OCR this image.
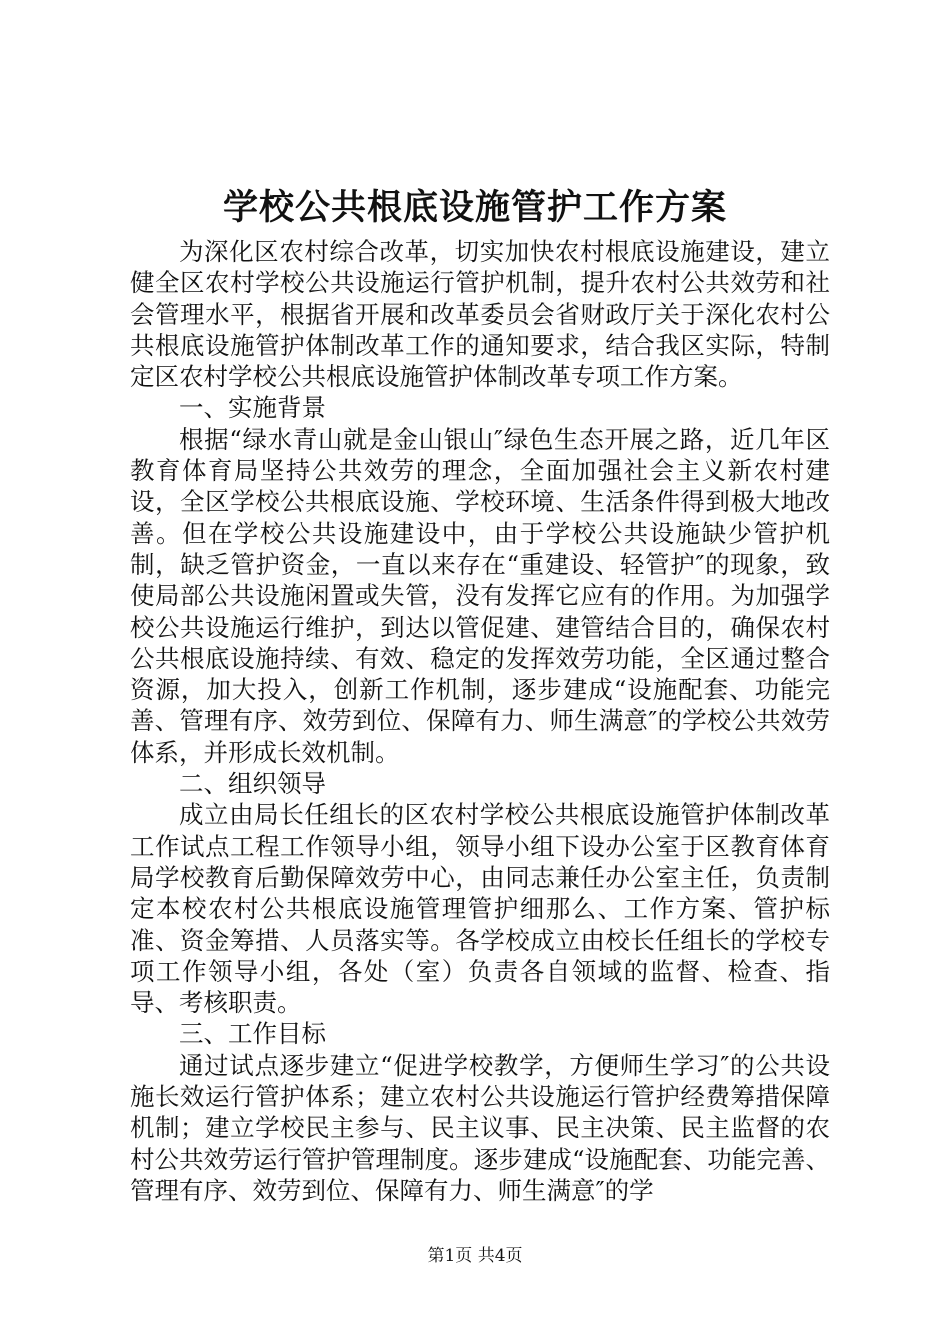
学校公共根底设施管护工作方案

为深化区农村综合改革，切实加快农村根底设施建设，建立健全区农村学校公共设施运行管护机制，提升农村公共效劳和社会管理水平，根据省开展和改革委员会省财政厅关于深化农村公共根底设施管护体制改革工作的通知要求，结合我区实际，特制定区农村学校公共根底设施管护体制改革专项工作方案。

一、实施背景

根据“绿水青山就是金山银山″绿色生态开展之路，近几年区教育体育局坚持公共效劳的理念，全面加强社会主义新农村建设，全区学校公共根底设施、学校环境、生活条件得到极大地改善。但在学校公共设施建设中，由于学校公共设施缺少管护机制，缺乏管护资金，一直以来存在“重建设、轻管护″的现象，致使局部公共设施闲置或失管，没有发挥它应有的作用。为加强学校公共设施运行维护，到达以管促建、建管结合目的，确保农村公共根底设施持续、有效、稳定的发挥效劳功能，全区通过整合资源，加大投入，创新工作机制，逐步建成“设施配套、功能完善、管理有序、效劳到位、保障有力、师生满意″的学校公共效劳体系，并形成长效机制。

二、组织领导

成立由局长任组长的区农村学校公共根底设施管护体制改革工作试点工程工作领导小组，领导小组下设办公室于区教育体育局学校教育后勤保障效劳中心，由同志兼任办公室主任，负责制定本校农村公共根底设施管理管护细那么、工作方案、管护标准、资金筹措、人员落实等。各学校成立由校长任组长的学校专项工作领导小组，各处（室）负责各自领域的监督、检查、指导、考核职责。

三、工作目标

通过试点逐步建立“促进学校教学，方便师生学习″的公共设施长效运行管护体系；建立农村公共设施运行管护经费筹措保障机制；建立学校民主参与、民主议事、民主决策、民主监督的农村公共效劳运行管护管理制度。逐步建成“设施配套、功能完善、管理有序、效劳到位、保障有力、师生满意″的学

第1页 共4页
